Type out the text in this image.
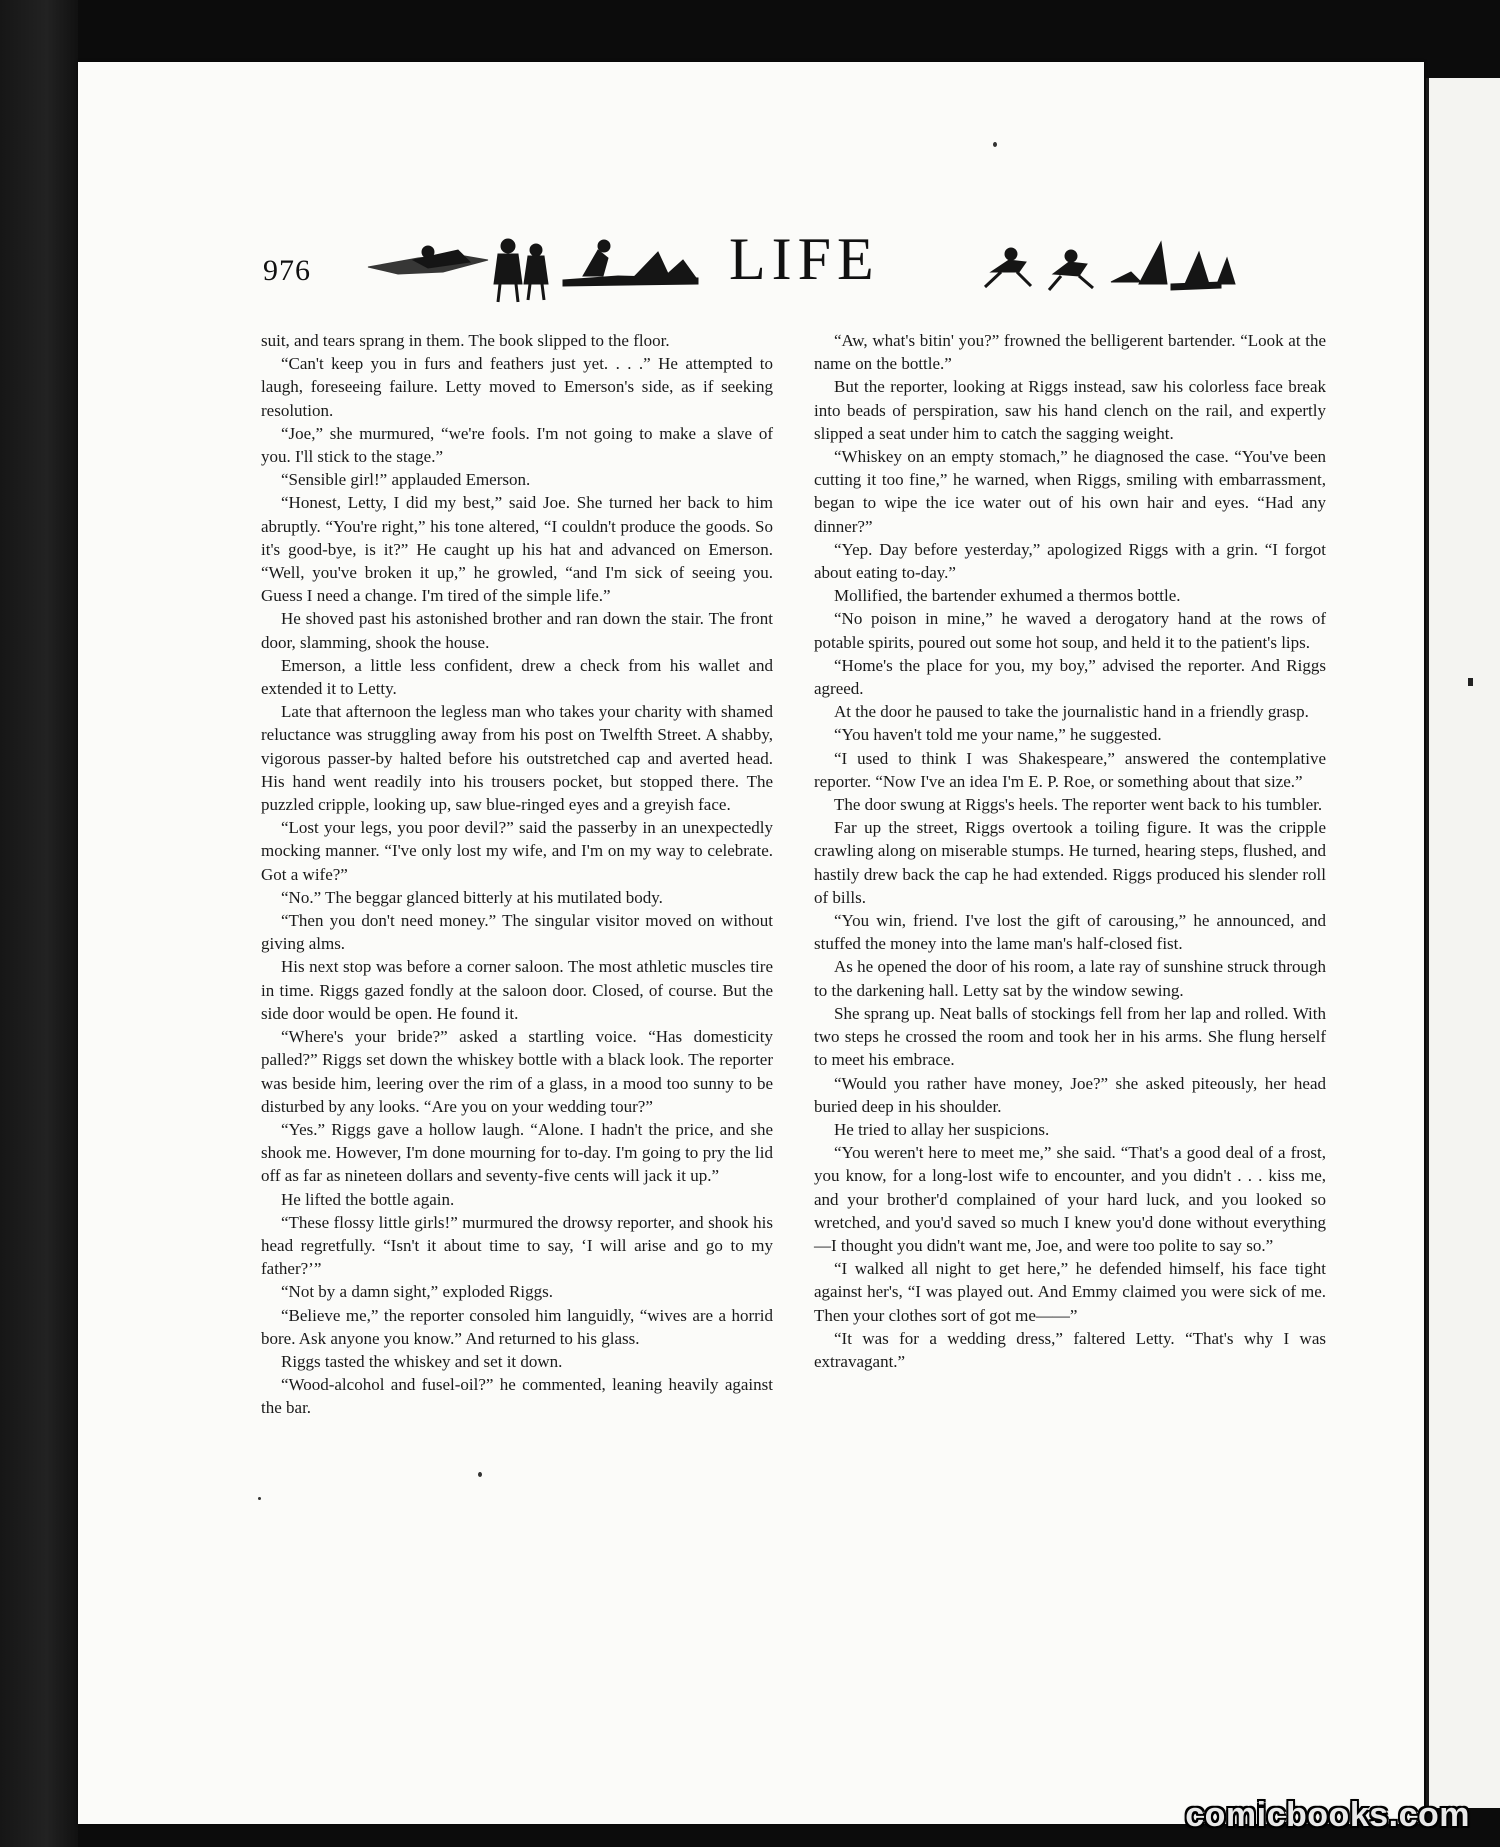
976	LIFE

suit, and tears sprang in them. The book slipped to the floor.

“Can't keep you in furs and feathers just yet. . . .” He attempted to laugh, foreseeing failure. Letty moved to Emerson's side, as if seeking resolution.

“Joe,” she murmured, “we're fools. I'm not going to make a slave of you. I'll stick to the stage.”

“Sensible girl!” applauded Emerson.

“Honest, Letty, I did my best,” said Joe. She turned her back to him abruptly. “You're right,” his tone altered, “I couldn't produce the goods. So it's good-bye, is it?” He caught up his hat and advanced on Emerson. “Well, you've broken it up,” he growled, “and I'm sick of seeing you. Guess I need a change. I'm tired of the simple life.”

He shoved past his astonished brother and ran down the stair. The front door, slamming, shook the house.

Emerson, a little less confident, drew a check from his wallet and extended it to Letty.

Late that afternoon the legless man who takes your charity with shamed reluctance was struggling away from his post on Twelfth Street. A shabby, vigorous passer-by halted before his outstretched cap and averted head. His hand went readily into his trousers pocket, but stopped there. The puzzled cripple, looking up, saw blue-ringed eyes and a greyish face.

“Lost your legs, you poor devil?” said the passerby in an unexpectedly mocking manner. “I've only lost my wife, and I'm on my way to celebrate. Got a wife?”

“No.” The beggar glanced bitterly at his mutilated body.

“Then you don't need money.” The singular visitor moved on without giving alms.

His next stop was before a corner saloon. The most athletic muscles tire in time. Riggs gazed fondly at the saloon door. Closed, of course. But the side door would be open. He found it.

“Where's your bride?” asked a startling voice. “Has domesticity palled?” Riggs set down the whiskey bottle with a black look. The reporter was beside him, leering over the rim of a glass, in a mood too sunny to be disturbed by any looks. “Are you on your wedding tour?”

“Yes.” Riggs gave a hollow laugh. “Alone. I hadn't the price, and she shook me. However, I'm done mourning for to-day. I'm going to pry the lid off as far as nineteen dollars and seventy-five cents will jack it up.”

He lifted the bottle again.

“These flossy little girls!” murmured the drowsy reporter, and shook his head regretfully. “Isn't it about time to say, ‘I will arise and go to my father?’”

“Not by a damn sight,” exploded Riggs.

“Believe me,” the reporter consoled him languidly, “wives are a horrid bore. Ask anyone you know.” And returned to his glass.

Riggs tasted the whiskey and set it down.

“Wood-alcohol and fusel-oil?” he commented, leaning heavily against the bar.

“Aw, what's bitin' you?” frowned the belligerent bartender. “Look at the name on the bottle.”

But the reporter, looking at Riggs instead, saw his colorless face break into beads of perspiration, saw his hand clench on the rail, and expertly slipped a seat under him to catch the sagging weight.

“Whiskey on an empty stomach,” he diagnosed the case. “You've been cutting it too fine,” he warned, when Riggs, smiling with embarrassment, began to wipe the ice water out of his own hair and eyes. “Had any dinner?”

“Yep. Day before yesterday,” apologized Riggs with a grin. “I forgot about eating to-day.”

Mollified, the bartender exhumed a thermos bottle.

“No poison in mine,” he waved a derogatory hand at the rows of potable spirits, poured out some hot soup, and held it to the patient's lips.

“Home's the place for you, my boy,” advised the reporter. And Riggs agreed.

At the door he paused to take the journalistic hand in a friendly grasp.

“You haven't told me your name,” he suggested.

“I used to think I was Shakespeare,” answered the contemplative reporter. “Now I've an idea I'm E. P. Roe, or something about that size.”

The door swung at Riggs's heels. The reporter went back to his tumbler.

Far up the street, Riggs overtook a toiling figure. It was the cripple crawling along on miserable stumps. He turned, hearing steps, flushed, and hastily drew back the cap he had extended. Riggs produced his slender roll of bills.

“You win, friend. I've lost the gift of carousing,” he announced, and stuffed the money into the lame man's half-closed fist.

As he opened the door of his room, a late ray of sunshine struck through to the darkening hall. Letty sat by the window sewing.

She sprang up. Neat balls of stockings fell from her lap and rolled. With two steps he crossed the room and took her in his arms. She flung herself to meet his embrace.

“Would you rather have money, Joe?” she asked piteously, her head buried deep in his shoulder.

He tried to allay her suspicions.

“You weren't here to meet me,” she said. “That's a good deal of a frost, you know, for a long-lost wife to encounter, and you didn't . . . kiss me, and your brother'd complained of your hard luck, and you looked so wretched, and you'd saved so much I knew you'd done without everything—I thought you didn't want me, Joe, and were too polite to say so.”

“I walked all night to get here,” he defended himself, his face tight against her's, “I was played out. And Emmy claimed you were sick of me. Then your clothes sort of got me——”

“It was for a wedding dress,” faltered Letty. “That's why I was extravagant.”

comicbooks.com
